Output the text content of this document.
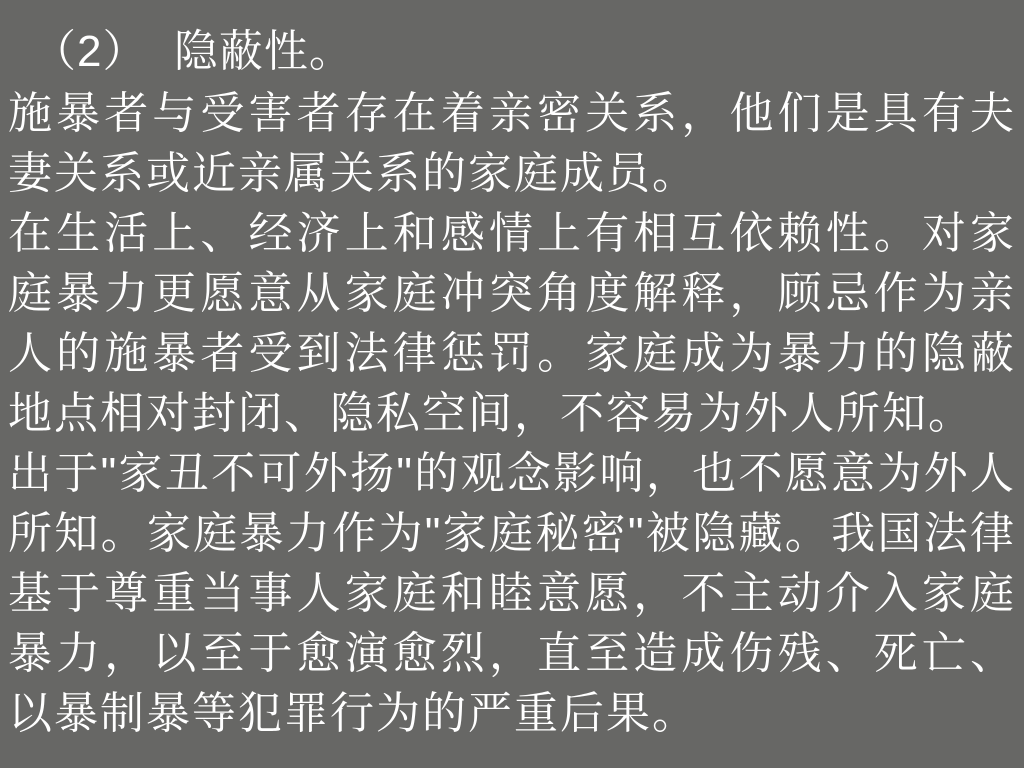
（2）  隐蔽性。
施暴者与受害者存在着亲密关系，他们是具有夫妻关系或近亲属关系的家庭成员。
在生活上、经济上和感情上有相互依赖性。对家庭暴力更愿意从家庭冲突角度解释，顾忌作为亲人的施暴者受到法律惩罚。家庭成为暴力的隐蔽地点相对封闭、隐私空间，不容易为外人所知。
出于"家丑不可外扬"的观念影响，也不愿意为外人所知。家庭暴力作为"家庭秘密"被隐藏。我国法律基于尊重当事人家庭和睦意愿，不主动介入家庭暴力，以至于愈演愈烈，直至造成伤残、死亡、以暴制暴等犯罪行为的严重后果。
